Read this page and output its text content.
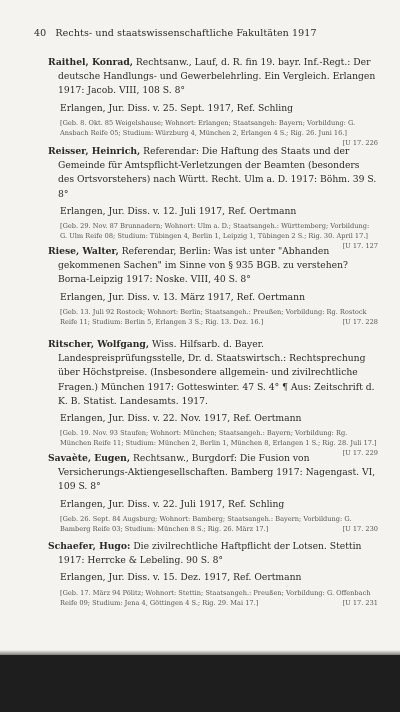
40 Rechts- und staatswissenschaftliche Fakultäten 1917

Raithel, Konrad, Rechtsanw., Lauf, d. R. fin 19. bayr. Inf.-Regt.: Der deutsche Handlungs- und Gewerbelehrling. Ein Vergleich. Erlangen 1917: Jacob. VIII, 108 S. 8°

Erlangen, Jur. Diss. v. 25. Sept. 1917, Ref. Schling

[Geb. 8. Okt. 85 Weigelshause; Wohnort: Erlangen; Staatsangeh: Bayern; Vorbildung: G. Ansbach Reife 05; Studium: Würzburg 4, München 2, Erlangen 4 S.; Rig. 26. Juni 16.]
[U 17. 226

Reisser, Heinrich, Referendar: Die Haftung des Staats und der Gemeinde für Amtspflicht-Verletzungen der Beamten (besonders des Ortsvorstehers) nach Württ. Recht. Ulm a. D. 1917: Böhm. 39 S. 8°

Erlangen, Jur. Diss. v. 12. Juli 1917, Ref. Oertmann

[Geb. 29. Nov. 87 Brunnadern; Wohnort: Ulm a. D.; Staatsangeh.: Württemberg; Vorbildung: G. Ulm Reife 08; Studium: Tübingen 4, Berlin 1, Leipzig 1, Tübingen 2 S.; Rig. 30. April 17.]
[U 17. 127

Riese, Walter, Referendar, Berlin: Was ist unter "Abhanden gekommenen Sachen" im Sinne von § 935 BGB. zu verstehen? Borna-Leipzig 1917: Noske. VIII, 40 S. 8°

Erlangen, Jur. Diss. v. 13. März 1917, Ref. Oertmann

[Geb. 13. Juli 92 Rostock; Wohnort: Berlin; Staatsangeh.: Preußen; Vorbildung: Rg. Rostock Reife 11; Studium: Berlin 5, Erlangen 3 S.; Rig. 13. Dez. 16.]	[U 17. 228

Ritscher, Wolfgang, Wiss. Hilfsarb. d. Bayer. Landespreisprüfungsstelle, Dr. d. Staatswirtsch.: Rechtsprechung über Höchstpreise. (Insbesondere allgemein- und zivilrechtliche Fragen.) München 1917: Gotteswinter. 47 S. 4° ¶ Aus: Zeitschrift d. K. B. Statist. Landesamts. 1917.

Erlangen, Jur. Diss. v. 22. Nov. 1917, Ref. Oertmann

[Geb. 19. Nov. 93 Staufen; Wohnort: München; Staatsangeh.: Bayern; Vorbildung: Rg. München Reife 11; Studium: München 2, Berlin 1, München 8, Erlangen 1 S.; Rig. 28. Juli 17.]
[U 17. 229

Savaète, Eugen, Rechtsanw., Burgdorf: Die Fusion von Versicherungs-Aktiengesellschaften. Bamberg 1917: Nagengast. VI, 109 S. 8°

Erlangen, Jur. Diss. v. 22. Juli 1917, Ref. Schling

[Geb. 26. Sept. 84 Augsburg; Wohnort: Bamberg; Staatsangeh.: Bayern; Vorbildung: G. Bamberg Reife 03; Studium: München 8 S.; Rig. 26. März 17.]	[U 17. 230

Schaefer, Hugo: Die zivilrechtliche Haftpflicht der Lotsen. Stettin 1917: Herrcke & Lebeling. 90 S. 8°

Erlangen, Jur. Diss. v. 15. Dez. 1917, Ref. Oertmann

[Geb. 17. März 94 Pölitz; Wohnort: Stettin; Staatsangeh.: Preußen; Vorbildung: G. Offenbach Reife 09; Studium: Jena 4, Göttingen 4 S.; Rig. 29. Mai 17.]	[U 17. 231
